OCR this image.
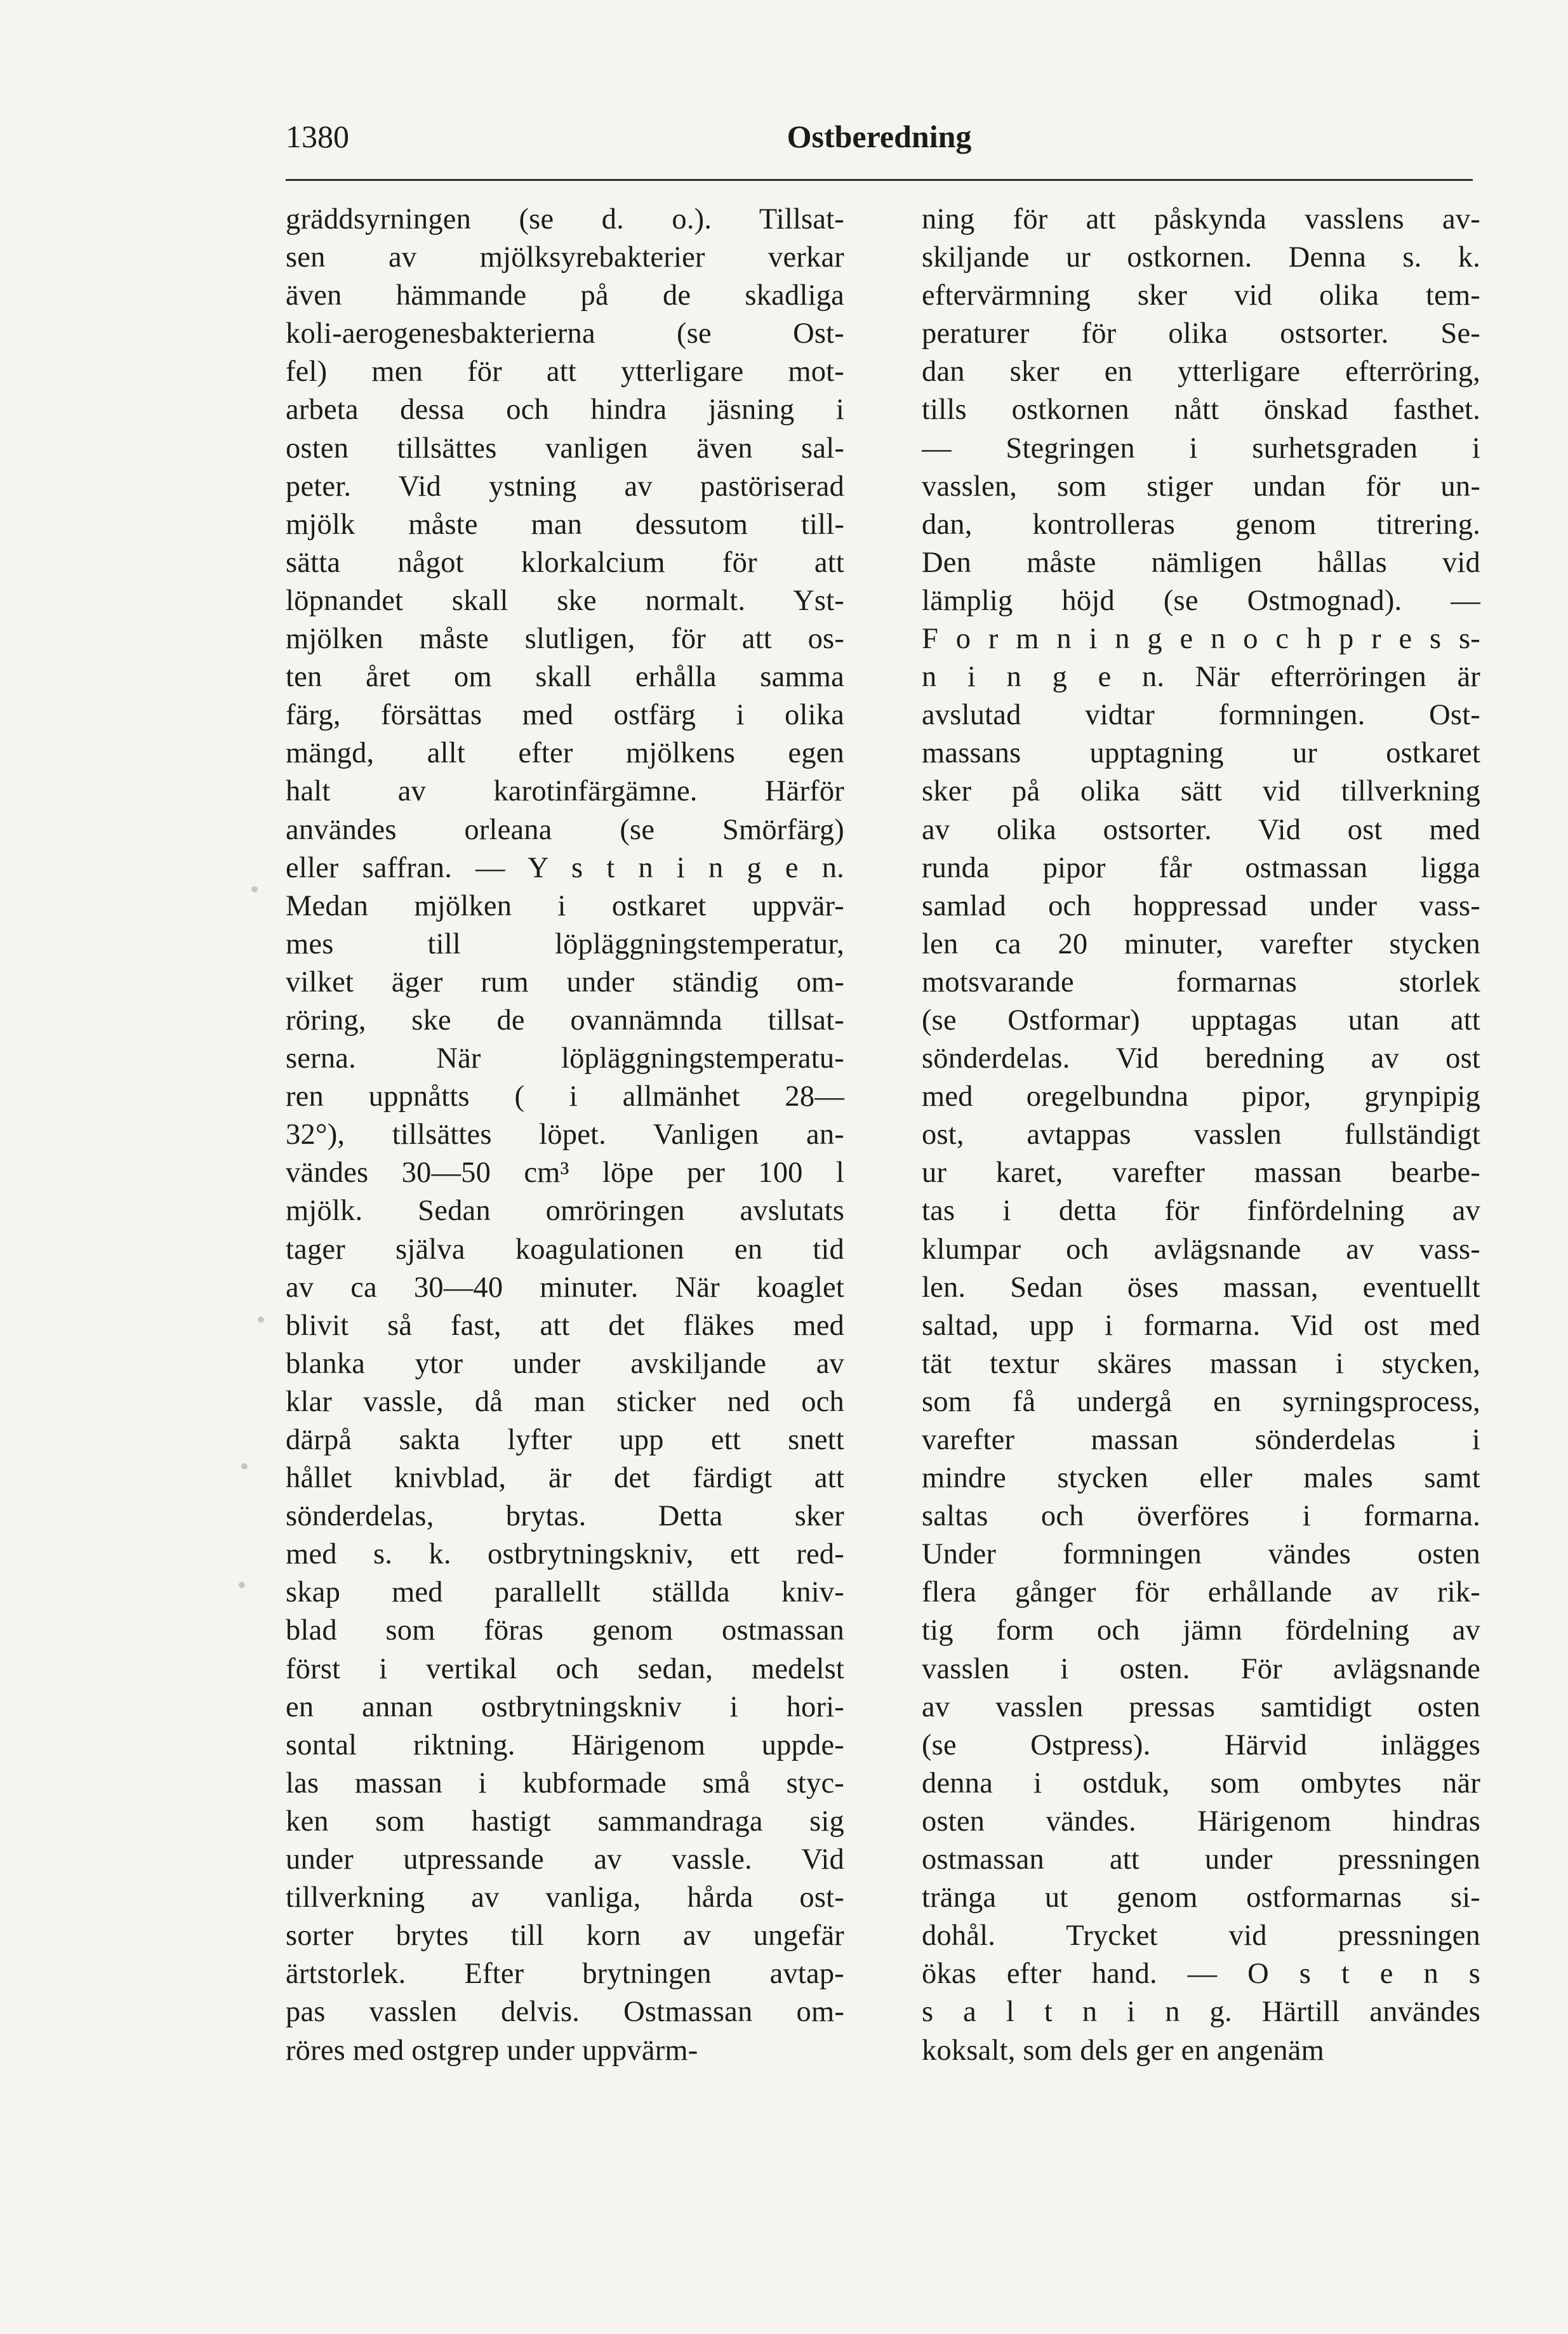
1380	Ostberedning
gräddsyrningen (se d. o.). Tillsat-
sen av mjölksyrebakterier verkar
även hämmande på de skadliga
koli-aerogenesbakterierna (se Ost-
fel) men för att ytterligare mot-
arbeta dessa och hindra jäsning i
osten tillsättes vanligen även sal-
peter. Vid ystning av pastöriserad
mjölk måste man dessutom till-
sätta något klorkalcium för att
löpnandet skall ske normalt. Yst-
mjölken måste slutligen, för att os-
ten året om skall erhålla samma
färg, försättas med ostfärg i olika
mängd, allt efter mjölkens egen
halt av karotinfärgämne. Härför
användes orleana (se Smörfärg)
eller saffran. — Y s t n i n g e n.
Medan mjölken i ostkaret uppvär-
mes till löpläggningstemperatur,
vilket äger rum under ständig om-
röring, ske de ovannämnda tillsat-
serna. När löpläggningstemperatu-
ren uppnåtts ( i allmänhet 28—
32°), tillsättes löpet. Vanligen an-
vändes 30—50 cm³ löpe per 100 l
mjölk. Sedan omröringen avslutats
tager själva koagulationen en tid
av ca 30—40 minuter. När koaglet
blivit så fast, att det fläkes med
blanka ytor under avskiljande av
klar vassle, då man sticker ned och
därpå sakta lyfter upp ett snett
hållet knivblad, är det färdigt att
sönderdelas, brytas. Detta sker
med s. k. ostbrytningskniv, ett red-
skap med parallellt ställda kniv-
blad som föras genom ostmassan
först i vertikal och sedan, medelst
en annan ostbrytningskniv i hori-
sontal riktning. Härigenom uppde-
las massan i kubformade små styc-
ken som hastigt sammandraga sig
under utpressande av vassle. Vid
tillverkning av vanliga, hårda ost-
sorter brytes till korn av ungefär
ärtstorlek. Efter brytningen avtap-
pas vasslen delvis. Ostmassan om-
röres med ostgrep under uppvärm-
ning för att påskynda vasslens av-
skiljande ur ostkornen. Denna s. k.
eftervärmning sker vid olika tem-
peraturer för olika ostsorter. Se-
dan sker en ytterligare efterröring,
tills ostkornen nått önskad fasthet.
— Stegringen i surhetsgraden i
vasslen, som stiger undan för un-
dan, kontrolleras genom titrering.
Den måste nämligen hållas vid
lämplig höjd (se Ostmognad). —
F o r m n i n g e n o c h p r e s s-
n i n g e n. När efterröringen är
avslutad vidtar formningen. Ost-
massans upptagning ur ostkaret
sker på olika sätt vid tillverkning
av olika ostsorter. Vid ost med
runda pipor får ostmassan ligga
samlad och hoppressad under vass-
len ca 20 minuter, varefter stycken
motsvarande formarnas storlek
(se Ostformar) upptagas utan att
sönderdelas. Vid beredning av ost
med oregelbundna pipor, grynpipig
ost, avtappas vasslen fullständigt
ur karet, varefter massan bearbe-
tas i detta för finfördelning av
klumpar och avlägsnande av vass-
len. Sedan öses massan, eventuellt
saltad, upp i formarna. Vid ost med
tät textur skäres massan i stycken,
som få undergå en syrningsprocess,
varefter massan sönderdelas i
mindre stycken eller males samt
saltas och överföres i formarna.
Under formningen vändes osten
flera gånger för erhållande av rik-
tig form och jämn fördelning av
vasslen i osten. För avlägsnande
av vasslen pressas samtidigt osten
(se Ostpress). Härvid inlägges
denna i ostduk, som ombytes när
osten vändes. Härigenom hindras
ostmassan att under pressningen
tränga ut genom ostformarnas si-
dohål. Trycket vid pressningen
ökas efter hand. — O s t e n s
s a l t n i n g. Härtill användes
koksalt, som dels ger en angenäm
